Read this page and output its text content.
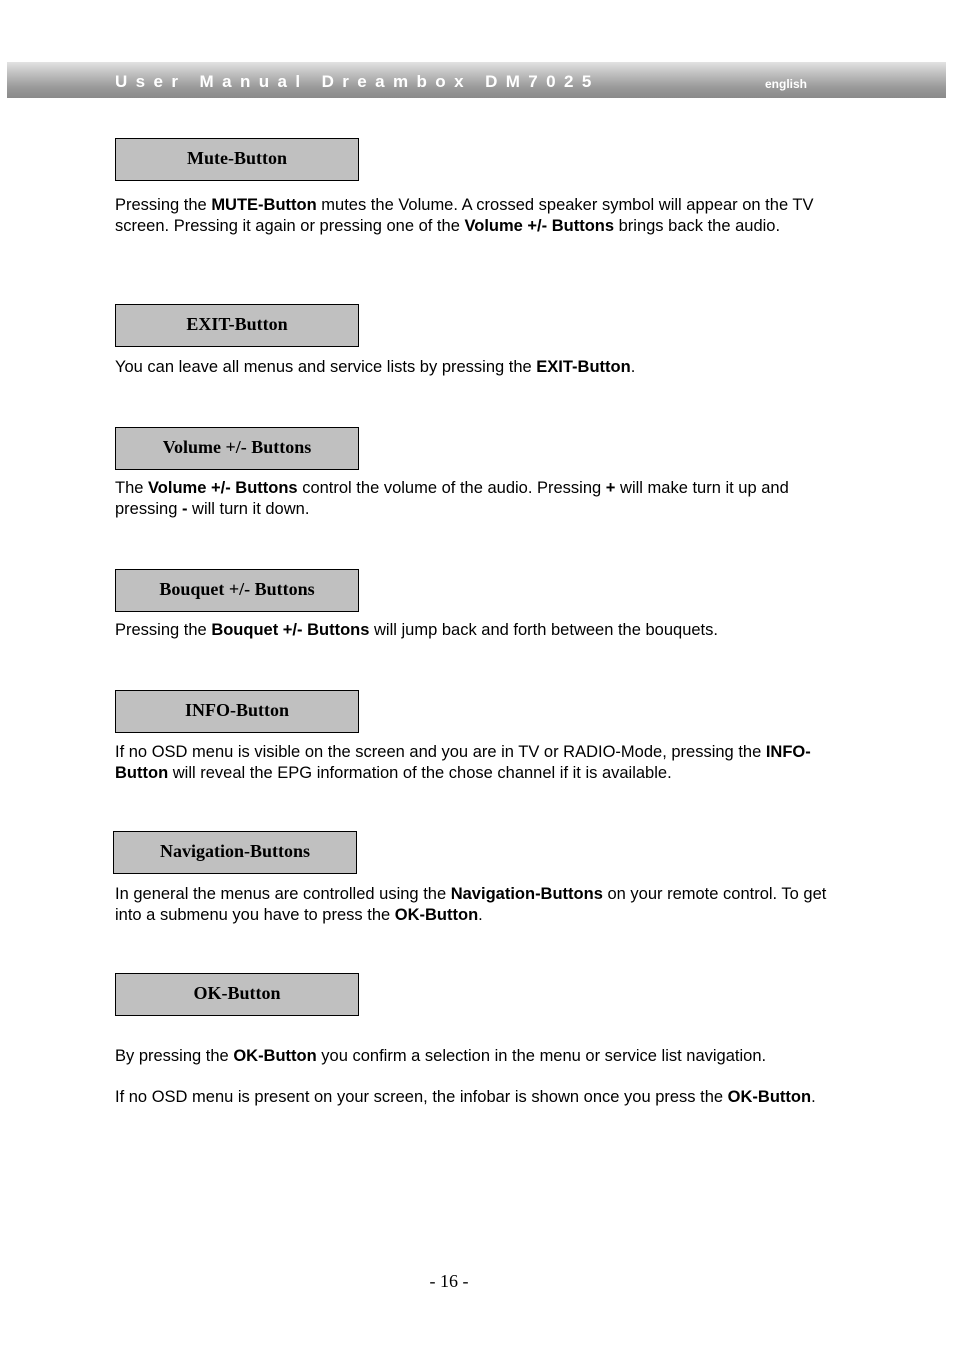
User Manual Dreambox DM7025	english
Mute-Button

Pressing the MUTE-Button mutes the Volume. A crossed speaker symbol will appear on the TV screen. Pressing it again or pressing one of the Volume +/- Buttons brings back the audio.

EXIT-Button

You can leave all menus and service lists by pressing the EXIT-Button.

Volume +/- Buttons

The Volume +/- Buttons control the volume of the audio. Pressing + will make turn it up and pressing - will turn it down.

Bouquet +/- Buttons

Pressing the Bouquet +/- Buttons will jump back and forth between the bouquets.

INFO-Button

If no OSD menu is visible on the screen and you are in TV or RADIO-Mode, pressing the INFO-Button will reveal the EPG information of the chose channel if it is available.

Navigation-Buttons

In general the menus are controlled using the Navigation-Buttons on your remote control. To get into a submenu you have to press the OK-Button.

OK-Button

By pressing the OK-Button you confirm a selection in the menu or service list navigation.

If no OSD menu is present on your screen, the infobar is shown once you press the OK-Button.

- 16 -
